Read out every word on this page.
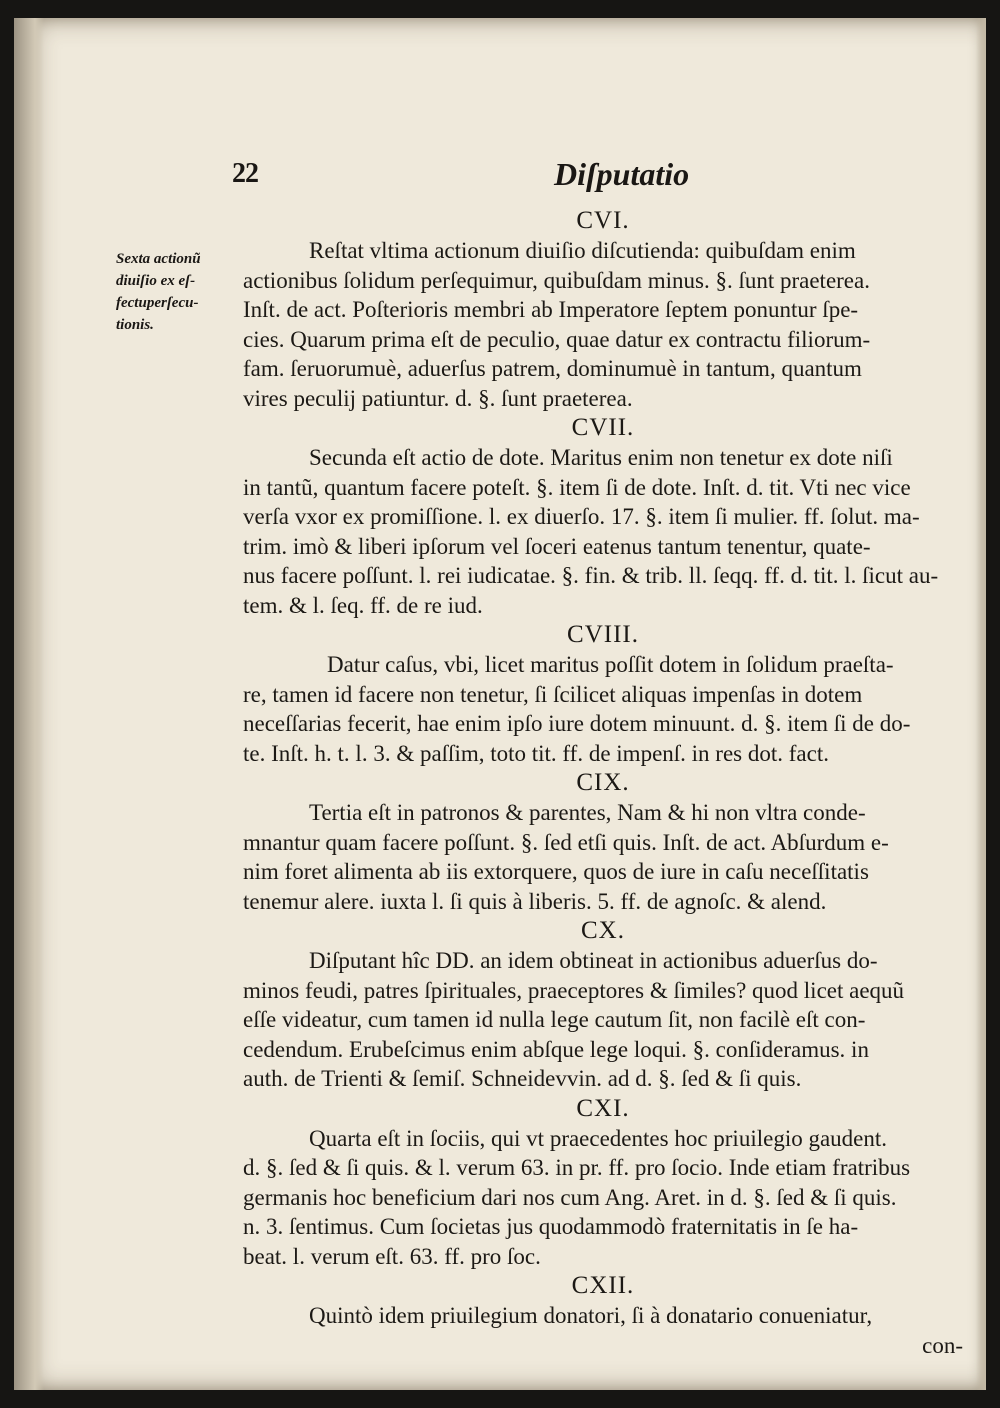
22	Diſputatio
Sexta actionũ
diuiſio ex eſ-
fectuperſecu-
tionis.
CVI.
Reſtat vltima actionum diuiſio diſcutienda: quibuſdam enim
actionibus ſolidum perſequimur, quibuſdam minus. §. ſunt praeterea.
Inſt. de act. Poſterioris membri ab Imperatore ſeptem ponuntur ſpe-
cies. Quarum prima eſt de peculio, quae datur ex contractu filiorum-
fam. ſeruorumuè, aduerſus patrem, dominumuè in tantum, quantum
vires peculij patiuntur. d. §. ſunt praeterea.
CVII.
Secunda eſt actio de dote. Maritus enim non tenetur ex dote niſi
in tantũ, quantum facere poteſt. §. item ſi de dote. Inſt. d. tit. Vti nec vice
verſa vxor ex promiſſione. l. ex diuerſo. 17. §. item ſi mulier. ff. ſolut. ma-
trim. imò & liberi ipſorum vel ſoceri eatenus tantum tenentur, quate-
nus facere poſſunt. l. rei iudicatae. §. fin. & trib. ll. ſeqq. ff. d. tit. l. ſicut au-
tem. & l. ſeq. ff. de re iud.
CVIII.
Datur caſus, vbi, licet maritus poſſit dotem in ſolidum praeſta-
re, tamen id facere non tenetur, ſi ſcilicet aliquas impenſas in dotem
neceſſarias fecerit, hae enim ipſo iure dotem minuunt. d. §. item ſi de do-
te. Inſt. h. t. l. 3. & paſſim, toto tit. ff. de impenſ. in res dot. fact.
CIX.
Tertia eſt in patronos & parentes, Nam & hi non vltra conde-
mnantur quam facere poſſunt. §. ſed etſi quis. Inſt. de act. Abſurdum e-
nim foret alimenta ab iis extorquere, quos de iure in caſu neceſſitatis
tenemur alere. iuxta l. ſi quis à liberis. 5. ff. de agnoſc. & alend.
CX.
Diſputant hîc DD. an idem obtineat in actionibus aduerſus do-
minos feudi, patres ſpirituales, praeceptores & ſimiles? quod licet aequũ
eſſe videatur, cum tamen id nulla lege cautum ſit, non facilè eſt con-
cedendum. Erubeſcimus enim abſque lege loqui. §. conſideramus. in
auth. de Trienti & ſemiſ. Schneidevvin. ad d. §. ſed & ſi quis.
CXI.
Quarta eſt in ſociis, qui vt praecedentes hoc priuilegio gaudent.
d. §. ſed & ſi quis. & l. verum 63. in pr. ff. pro ſocio. Inde etiam fratribus
germanis hoc beneficium dari nos cum Ang. Aret. in d. §. ſed & ſi quis.
n. 3. ſentimus. Cum ſocietas jus quodammodò fraternitatis in ſe ha-
beat. l. verum eſt. 63. ff. pro ſoc.
CXII.
Quintò idem priuilegium donatori, ſi à donatario conueniatur,
con-
